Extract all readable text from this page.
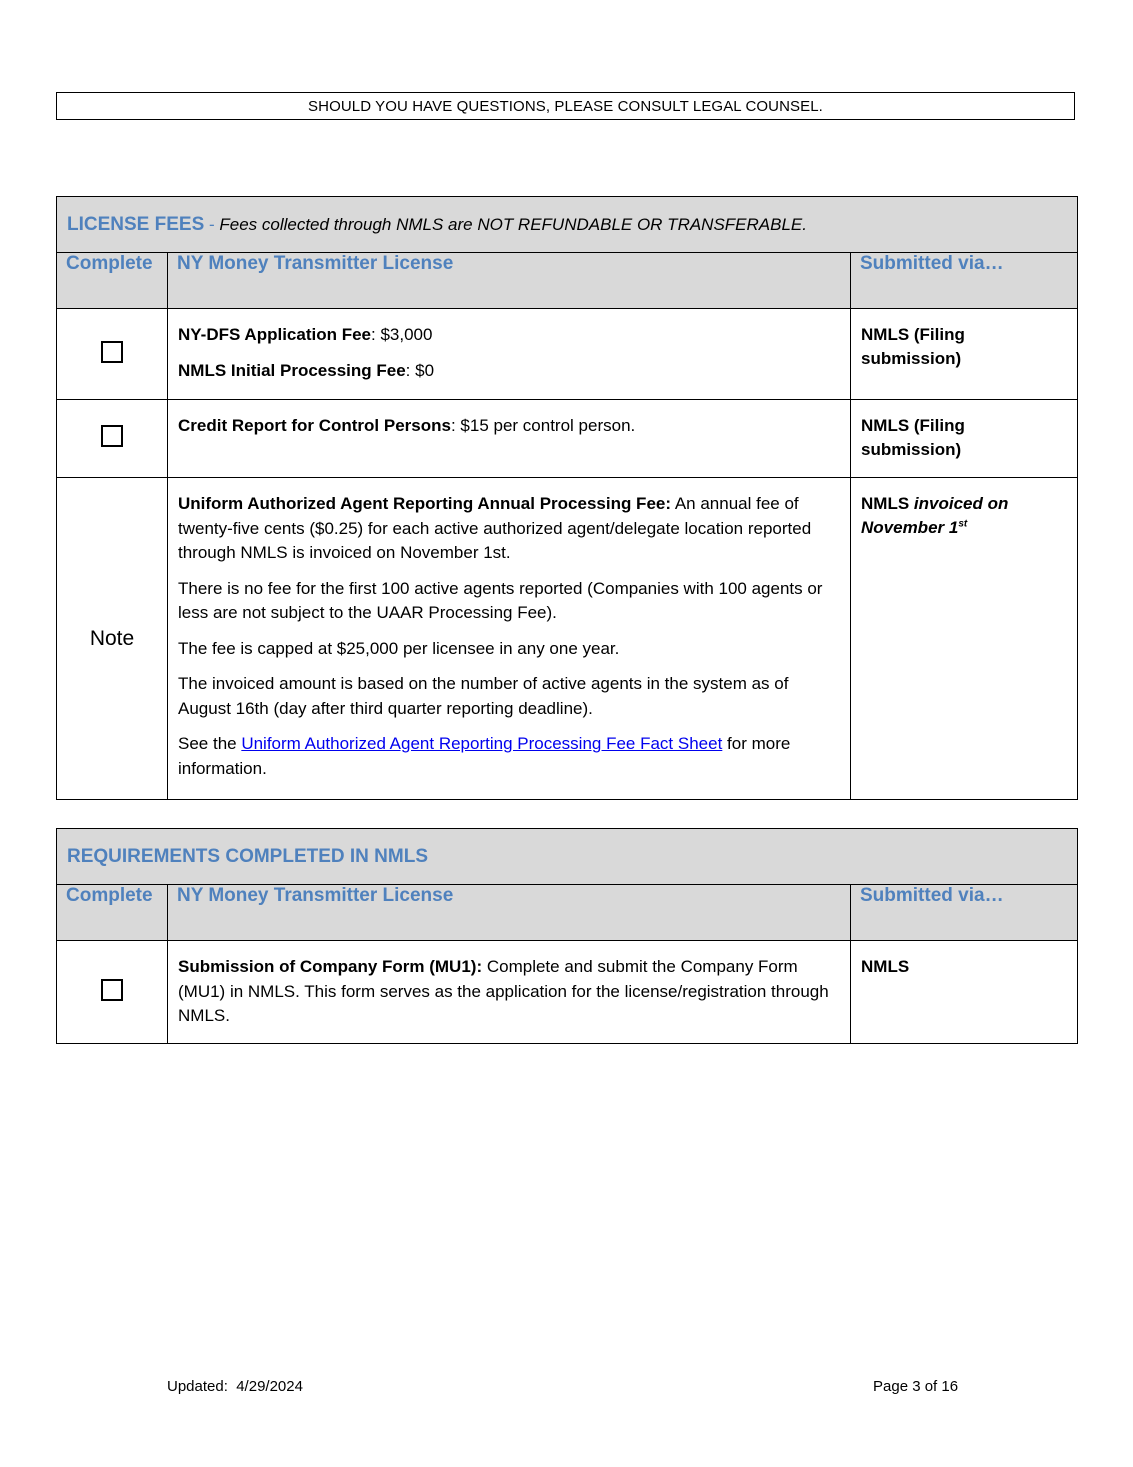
SHOULD YOU HAVE QUESTIONS, PLEASE CONSULT LEGAL COUNSEL.
LICENSE FEES - Fees collected through NMLS are NOT REFUNDABLE OR TRANSFERABLE.		
Complete	NY Money Transmitter License	Submitted via…

	NY-DFS Application Fee: $3,000

NMLS Initial Processing Fee: $0	NMLS (Filing submission)

	Credit Report for Control Persons: $15 per control person.	NMLS (Filing submission)
Note	Uniform Authorized Agent Reporting Annual Processing Fee: An annual fee of twenty-five cents ($0.25) for each active authorized agent/delegate location reported through NMLS is invoiced on November 1st.

There is no fee for the first 100 active agents reported (Companies with 100 agents or less are not subject to the UAAR Processing Fee).

The fee is capped at $25,000 per licensee in any one year.

The invoiced amount is based on the number of active agents in the system as of August 16th (day after third quarter reporting deadline).

See the Uniform Authorized Agent Reporting Processing Fee Fact Sheet for more information.	NMLS invoiced on November 1st
REQUIREMENTS COMPLETED IN NMLS		
Complete	NY Money Transmitter License	Submitted via…

	Submission of Company Form (MU1): Complete and submit the Company Form (MU1) in NMLS. This form serves as the application for the license/registration through NMLS.	NMLS
Updated:  4/29/2024	Page 3 of 16
